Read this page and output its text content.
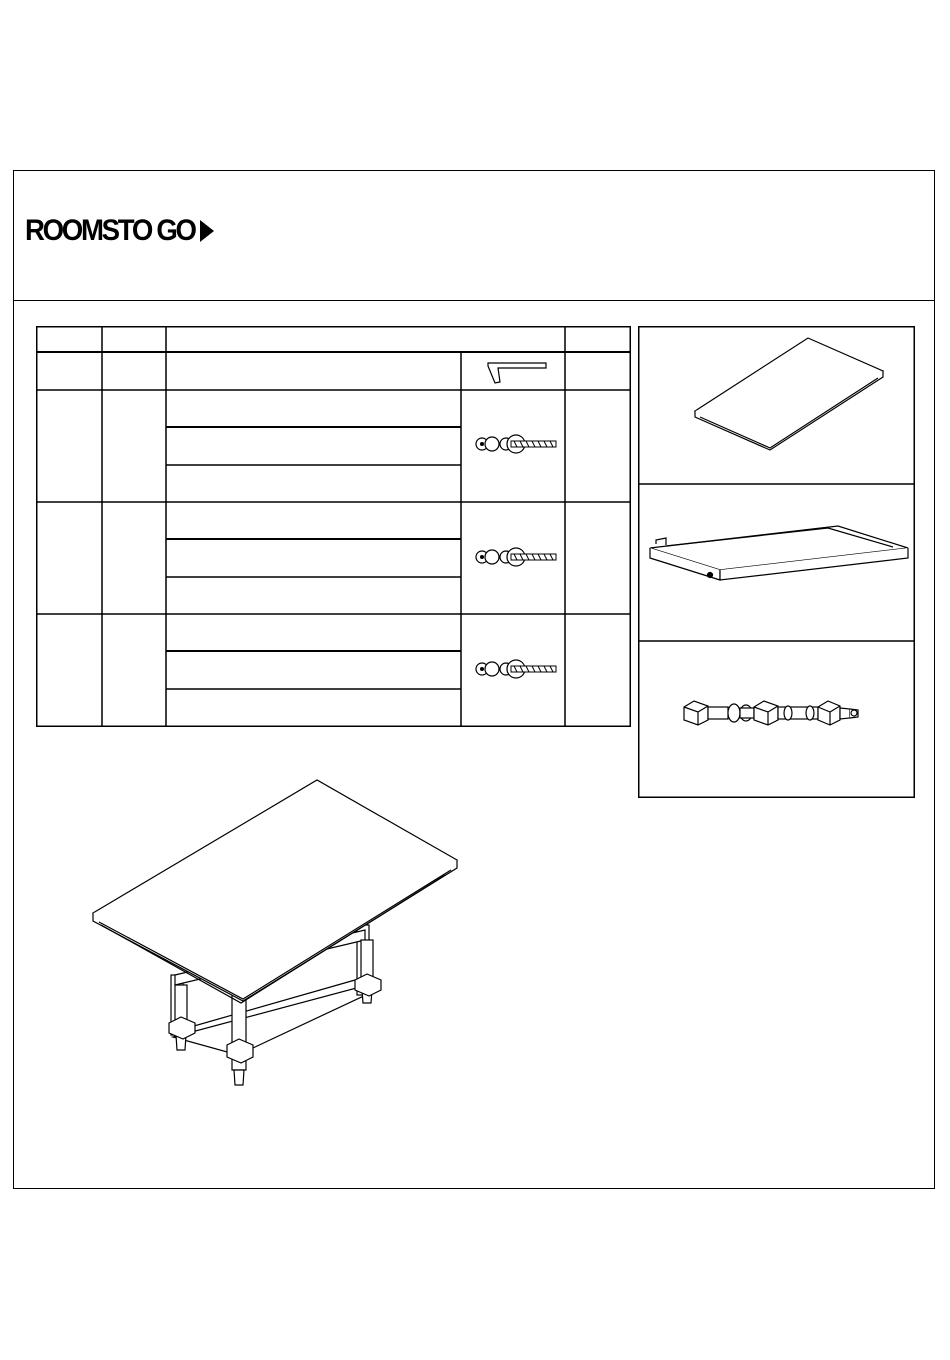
ROOMSTO GO
